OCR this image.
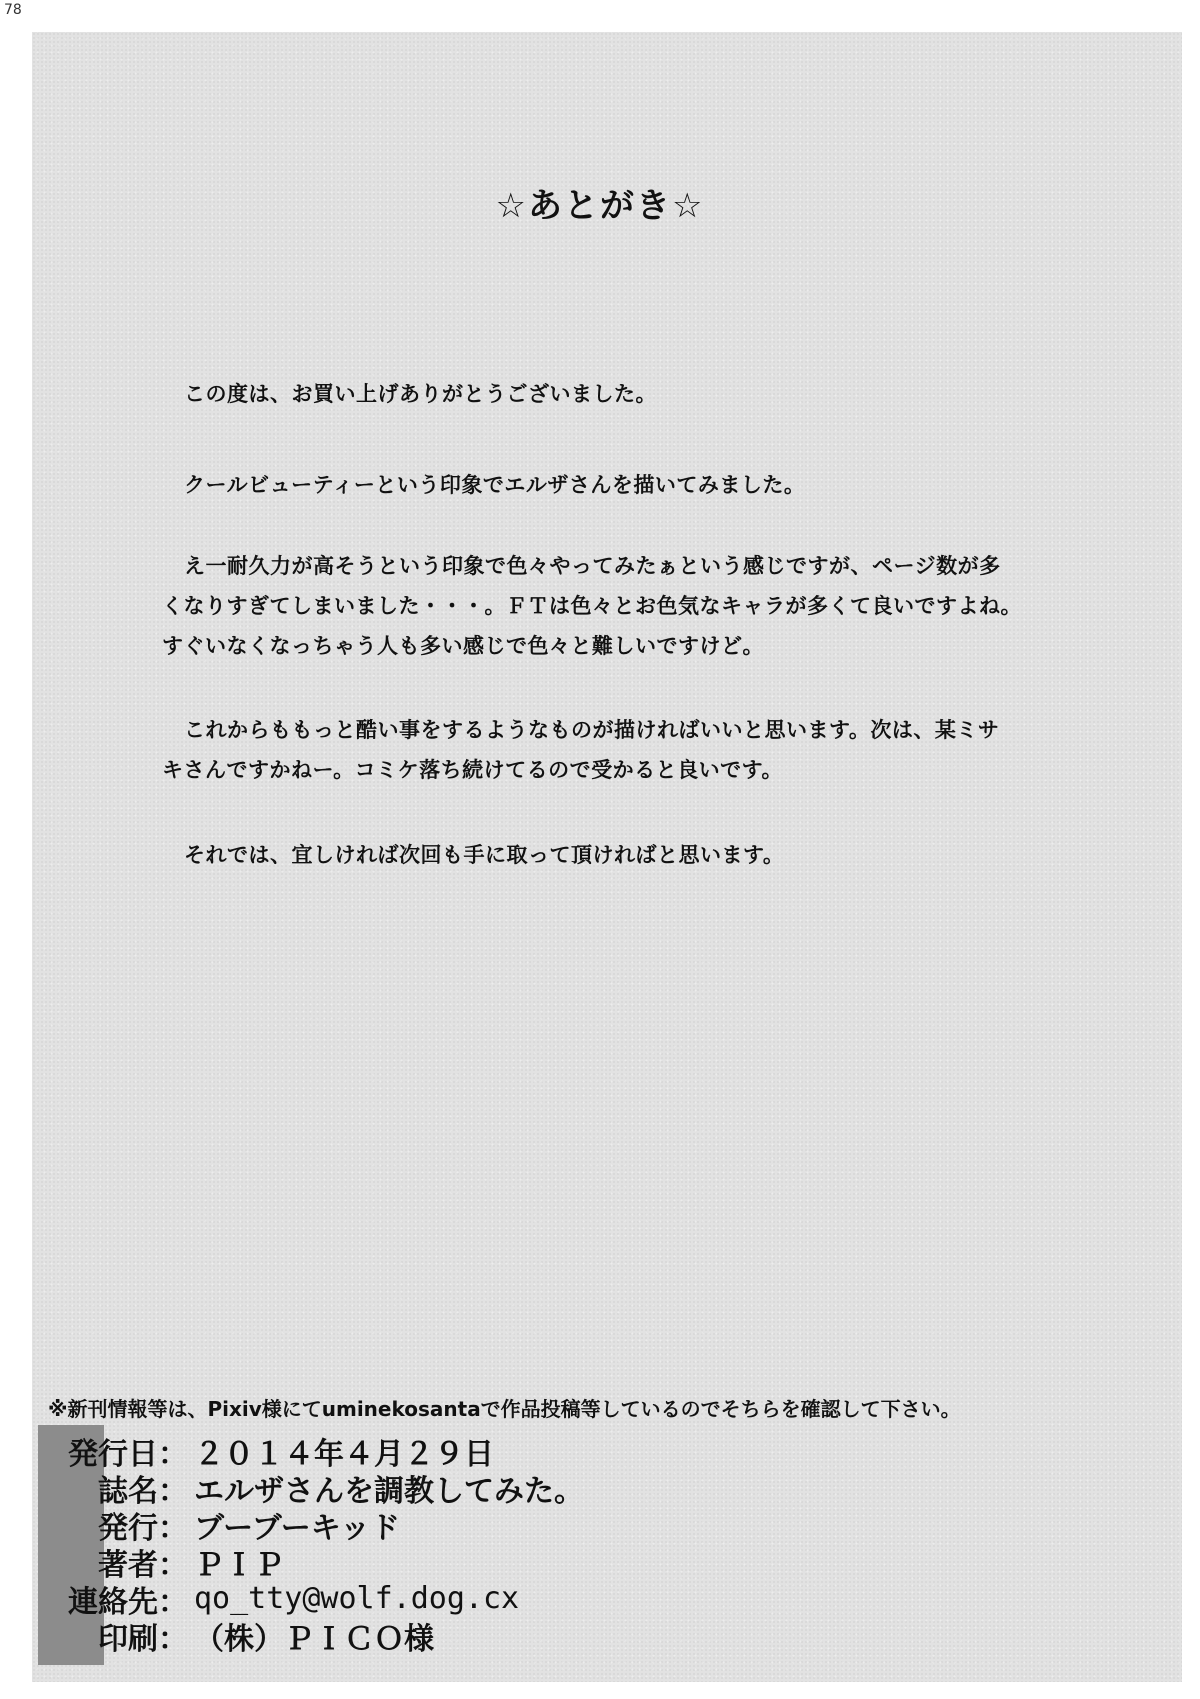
78
☆あとがき☆

この度は、お買い上げありがとうございました。

クールビューティーという印象でエルザさんを描いてみました。

え一耐久力が高そうという印象で色々やってみたぁという感じですが、ページ数が多
くなりすぎてしまいました・・・。ＦＴは色々とお色気なキャラが多くて良いですよね。
すぐいなくなっちゃう人も多い感じで色々と難しいですけど。

これからももっと酷い事をするようなものが描ければいいと思います。次は、某ミサ
キさんですかねー。コミケ落ち続けてるので受かると良いです。

それでは、宜しければ次回も手に取って頂ければと思います。

※新刊情報等は、Pixiv様にてuminekosantaで作品投稿等しているのでそちらを確認して下さい。
発行日 ： ２０１４年４月２９日
誌名 ： エルザさんを調教してみた。
発行 ： ブーブーキッド
著者 ： ＰＩＰ
連絡先 ： qo_tty@wolf.dog.cx
印刷 ： （株）ＰＩＣＯ様
